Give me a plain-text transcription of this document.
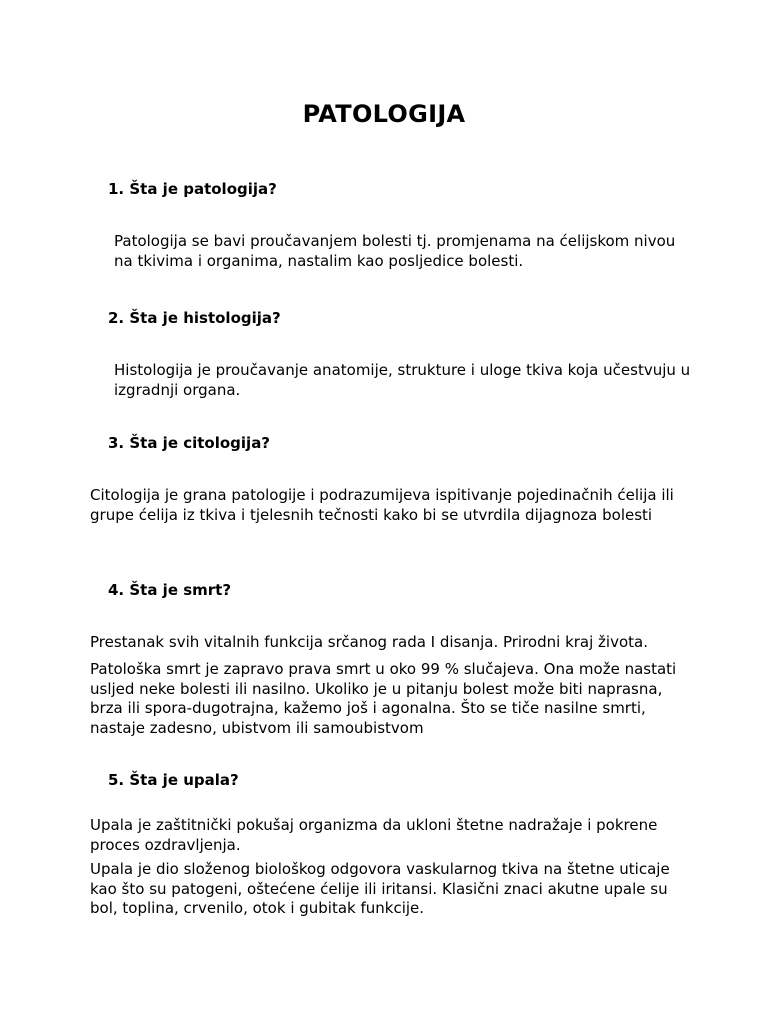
PATOLOGIJA

1. Šta je patologija?

Patologija se bavi proučavanjem bolesti tj. promjenama na ćelijskom nivou na tkivima i organima, nastalim kao posljedice bolesti.

2. Šta je histologija?

Histologija je proučavanje anatomije, strukture i uloge tkiva koja učestvuju u izgradnji organa.

3. Šta je citologija?

Citologija je grana patologije i podrazumijeva ispitivanje pojedinačnih ćelija ili grupe ćelija iz tkiva i tjelesnih tečnosti kako bi se utvrdila dijagnoza bolesti

4. Šta je smrt?

Prestanak svih vitalnih funkcija srčanog rada I disanja. Prirodni kraj života.

Patološka smrt je zapravo prava smrt u oko 99 % slučajeva. Ona može nastati usljed neke bolesti ili nasilno. Ukoliko je u pitanju bolest može biti naprasna, brza ili spora-dugotrajna, kažemo još i agonalna. Što se tiče nasilne smrti, nastaje zadesno, ubistvom ili samoubistvom

5. Šta je upala?

Upala je zaštitnički pokušaj organizma da ukloni štetne nadražaje i pokrene proces ozdravljenja.

Upala je dio složenog biološkog odgovora vaskularnog tkiva na štetne uticaje kao što su patogeni, oštećene ćelije ili iritansi. Klasični znaci akutne upale su bol, toplina, crvenilo, otok i gubitak funkcije.
